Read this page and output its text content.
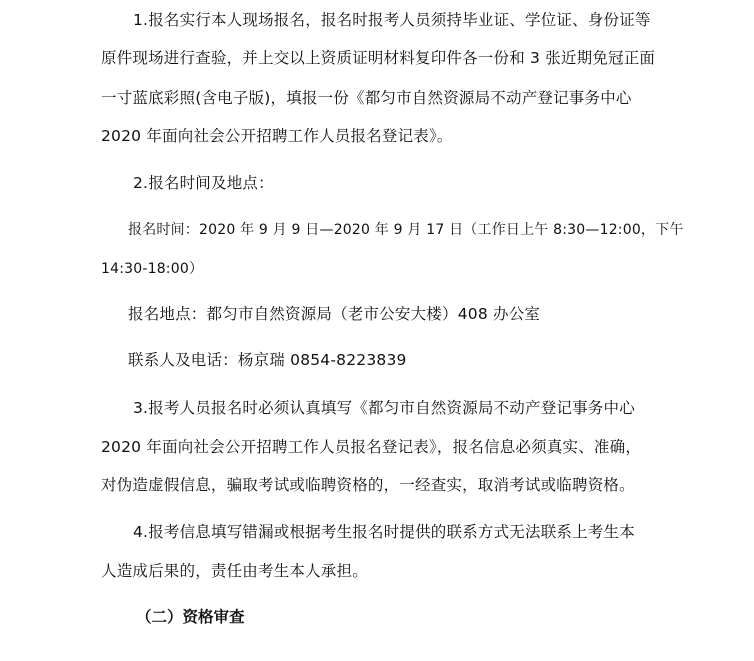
1.报名实行本人现场报名，报名时报考人员须持毕业证、学位证、身份证等
原件现场进行查验，并上交以上资质证明材料复印件各一份和 3 张近期免冠正面
一寸蓝底彩照(含电子版)，填报一份《都匀市自然资源局不动产登记事务中心
2020 年面向社会公开招聘工作人员报名登记表》。
2.报名时间及地点：
报名时间：2020 年 9 月 9 日—2020 年 9 月 17 日（工作日上午 8:30—12:00，下午
14:30-18:00）
报名地点：都匀市自然资源局（老市公安大楼）408 办公室
联系人及电话：杨京瑞 0854-8223839
3.报考人员报名时必须认真填写《都匀市自然资源局不动产登记事务中心
2020 年面向社会公开招聘工作人员报名登记表》，报名信息必须真实、准确，
对伪造虚假信息，骗取考试或临聘资格的，一经查实，取消考试或临聘资格。
4.报考信息填写错漏或根据考生报名时提供的联系方式无法联系上考生本
人造成后果的，责任由考生本人承担。
（二）资格审查
